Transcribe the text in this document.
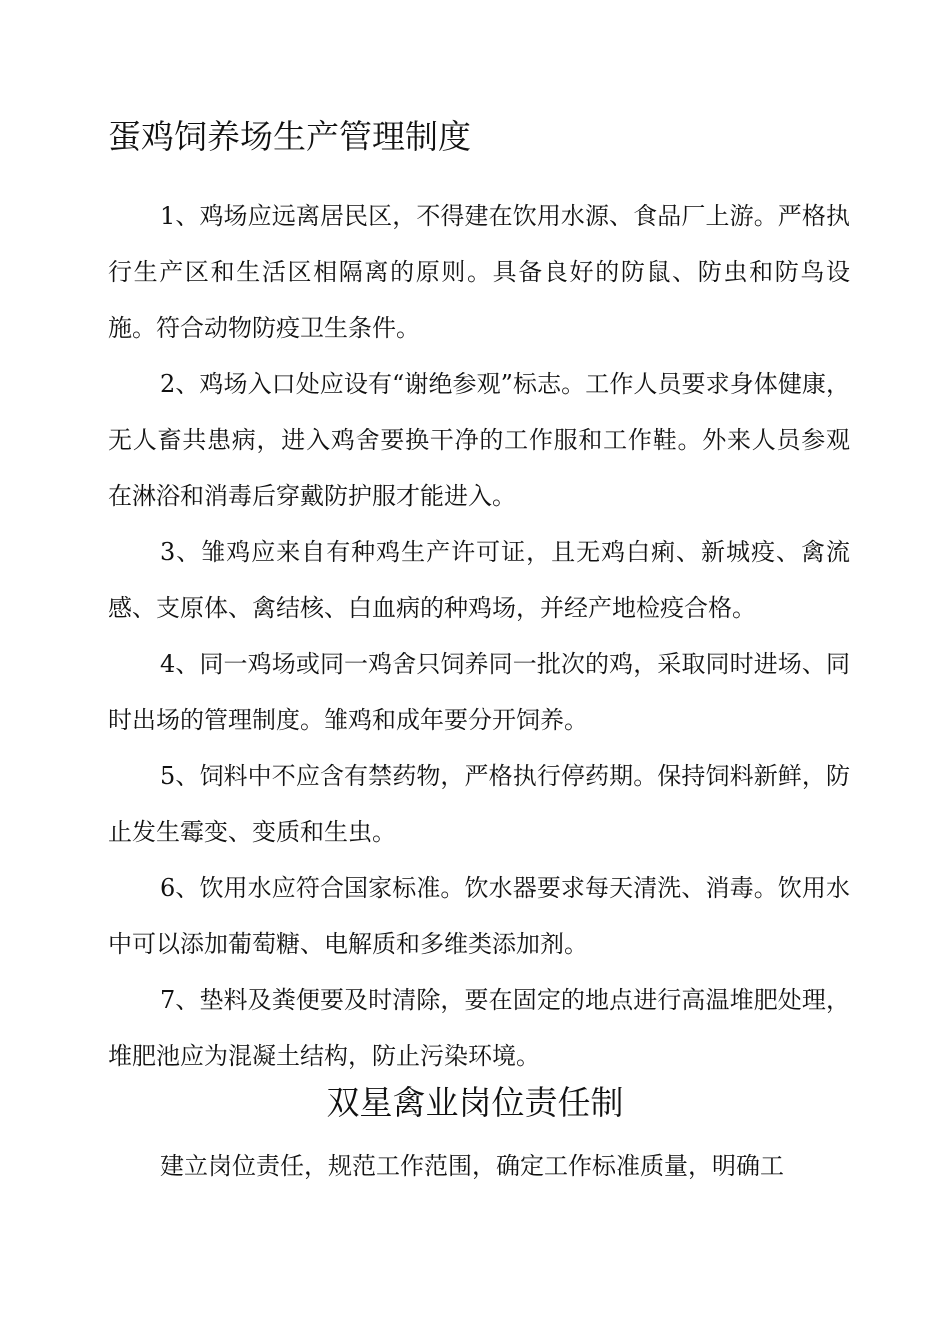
蛋鸡饲养场生产管理制度

1、鸡场应远离居民区，不得建在饮用水源、食品厂上游。严格执行生产区和生活区相隔离的原则。具备良好的防鼠、防虫和防鸟设施。符合动物防疫卫生条件。

2、鸡场入口处应设有“谢绝参观”标志。工作人员要求身体健康，无人畜共患病，进入鸡舍要换干净的工作服和工作鞋。外来人员参观在淋浴和消毒后穿戴防护服才能进入。

3、雏鸡应来自有种鸡生产许可证，且无鸡白痢、新城疫、禽流感、支原体、禽结核、白血病的种鸡场，并经产地检疫合格。

4、同一鸡场或同一鸡舍只饲养同一批次的鸡，采取同时进场、同时出场的管理制度。雏鸡和成年要分开饲养。

5、饲料中不应含有禁药物，严格执行停药期。保持饲料新鲜，防止发生霉变、变质和生虫。

6、饮用水应符合国家标准。饮水器要求每天清洗、消毒。饮用水中可以添加葡萄糖、电解质和多维类添加剂。

7、垫料及粪便要及时清除，要在固定的地点进行高温堆肥处理，堆肥池应为混凝土结构，防止污染环境。

双星禽业岗位责任制

建立岗位责任，规范工作范围，确定工作标准质量，明确工
